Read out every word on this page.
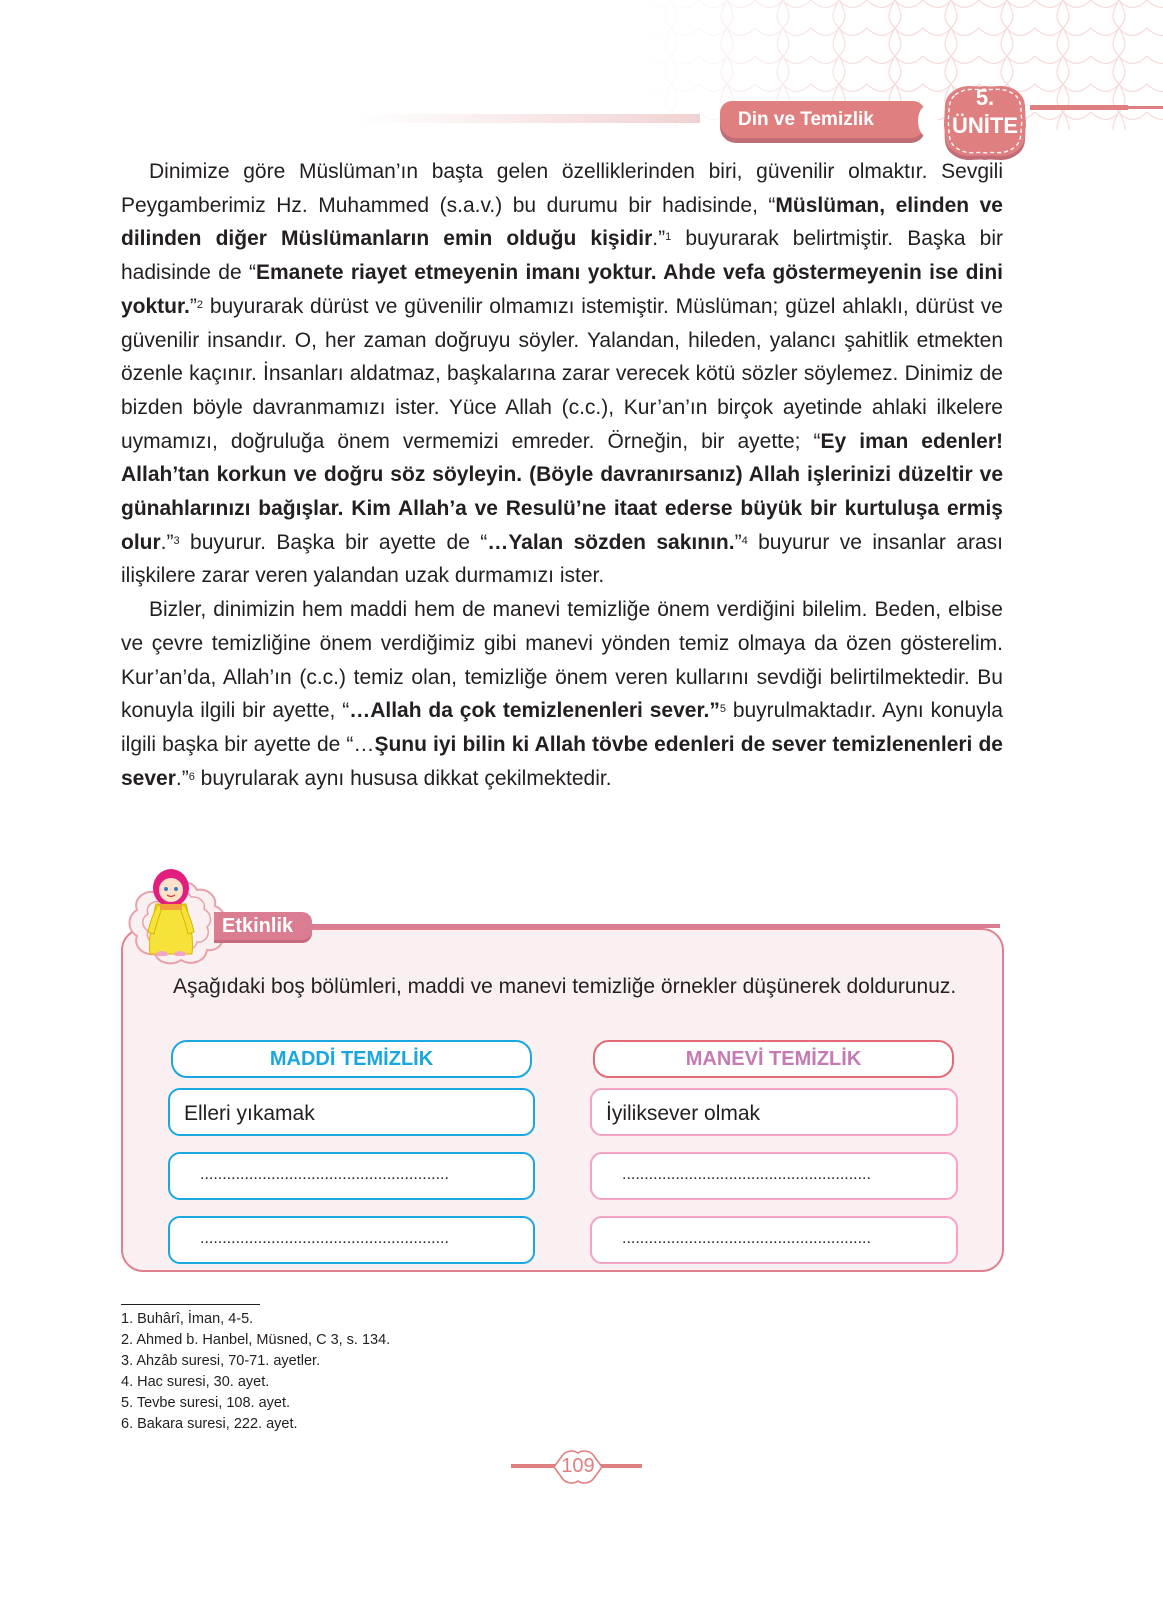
Din ve Temizlik
5.
ÜNİTE

Dinimize göre Müslüman’ın başta gelen özelliklerinden biri, güvenilir olmaktır. Sevgili Peygamberimiz Hz. Muhammed (s.a.v.) bu durumu bir hadisinde, “Müslüman, elinden ve dilinden diğer Müslümanların emin olduğu kişidir.”$^1$ buyurarak belirtmiştir. Başka bir hadisinde de “Emanete riayet etmeyenin imanı yoktur. Ahde vefa göstermeyenin ise dini yoktur.”$^2$ buyurarak dürüst ve güvenilir olmamızı istemiştir. Müslüman; güzel ahlaklı, dürüst ve güvenilir insandır. O, her zaman doğruyu söyler. Yalandan, hileden, yalancı şahitlik etmekten özenle kaçınır. İnsanları aldatmaz, başkalarına zarar verecek kötü sözler söylemez. Dinimiz de bizden böyle davranmamızı ister. Yüce Allah (c.c.), Kur’an’ın birçok ayetinde ahlaki ilkelere uymamızı, doğruluğa önem vermemizi emreder. Örneğin, bir ayette; “Ey iman edenler! Allah’tan korkun ve doğru söz söyleyin. (Böyle davranırsanız) Allah işlerinizi düzeltir ve günahlarınızı bağışlar. Kim Allah’a ve Resulü’ne itaat ederse büyük bir kurtuluşa ermiş olur.”$^3$ buyurur. Başka bir ayette de “…Yalan sözden sakının.”$^4$ buyurur ve insanlar arası ilişkilere zarar veren yalandan uzak durmamızı ister.

Bizler, dinimizin hem maddi hem de manevi temizliğe önem verdiğini bilelim. Beden, elbise ve çevre temizliğine önem verdiğimiz gibi manevi yönden temiz olmaya da özen gösterelim. Kur’an’da, Allah’ın (c.c.) temiz olan, temizliğe önem veren kullarını sevdiği belirtilmektedir. Bu konuyla ilgili bir ayette, “…Allah da çok temizlenenleri sever.”$^5$ buyrulmaktadır. Aynı konuyla ilgili başka bir ayette de “…Şunu iyi bilin ki Allah tövbe edenleri de sever temizlenenleri de sever.”$^6$ buyrularak aynı hususa dikkat çekilmektedir.

Etkinlik
Aşağıdaki boş bölümleri, maddi ve manevi temizliğe örnekler düşünerek doldurunuz.
MADDİ TEMİZLİK	MANEVİ TEMİZLİK
Elleri yıkamak
........................................................
........................................................
İyiliksever olmak
........................................................
........................................................
1. Buhârî, İman, 4-5.
2. Ahmed b. Hanbel, Müsned, C 3, s. 134.
3. Ahzâb suresi, 70-71. ayetler.
4. Hac suresi, 30. ayet.
5. Tevbe suresi, 108. ayet.
6. Bakara suresi, 222. ayet.
109
